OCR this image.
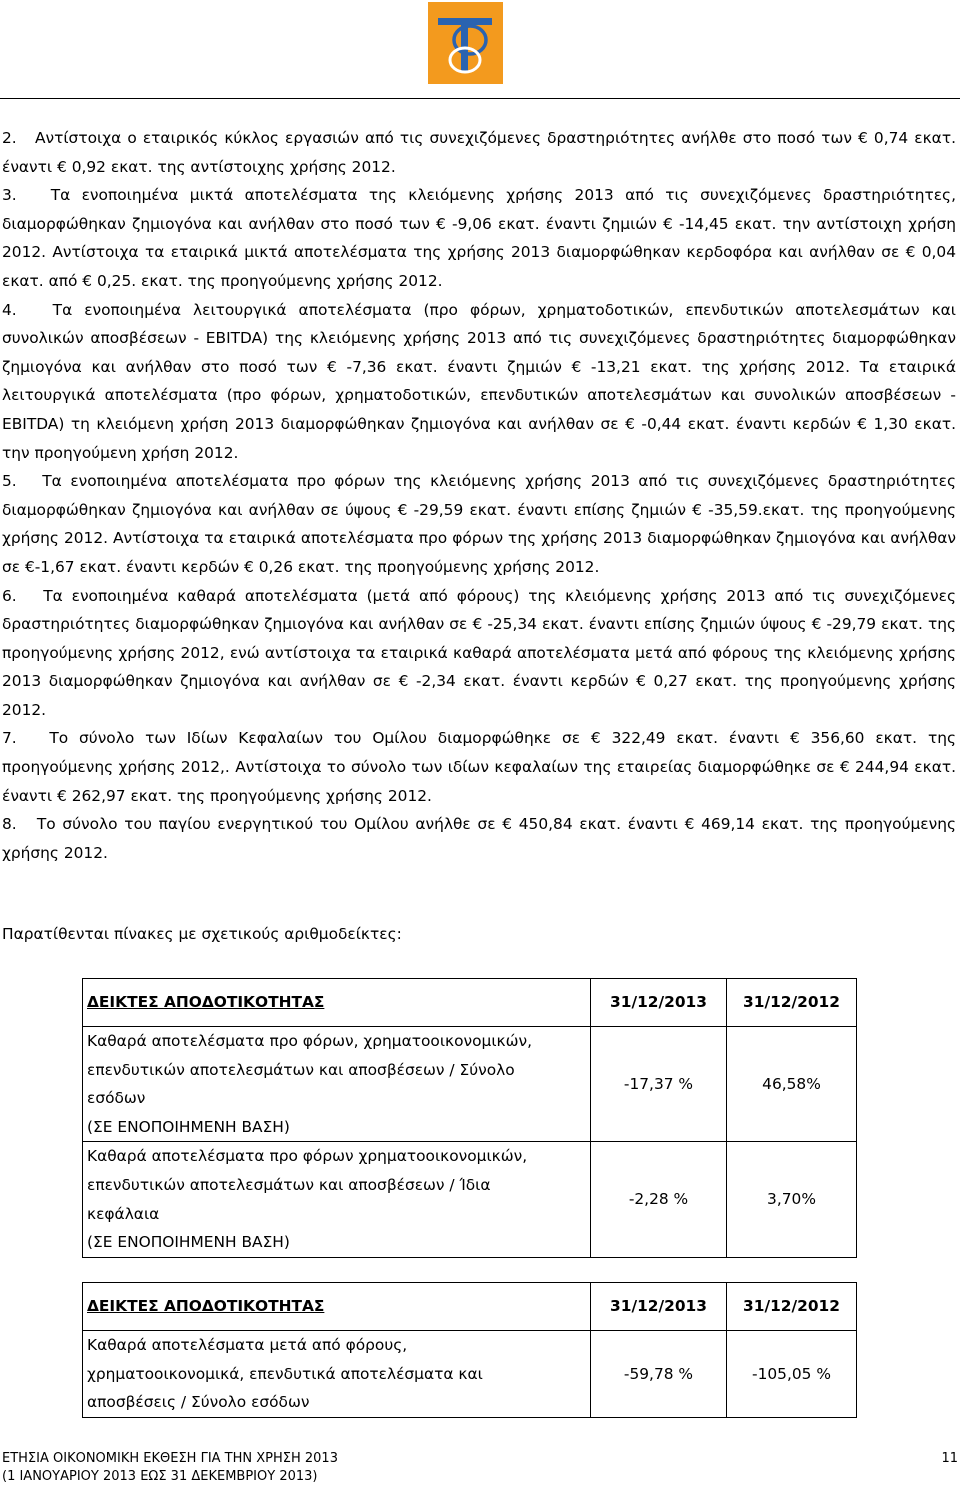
2.   Αντίστοιχα ο εταιρικός κύκλος εργασιών από τις συνεχιζόμενες δραστηριότητες ανήλθε στο ποσό των € 0,74 εκατ. έναντι € 0,92 εκατ. της αντίστοιχης χρήσης 2012.

3.   Τα ενοποιημένα μικτά αποτελέσματα της κλειόμενης χρήσης 2013 από τις συνεχιζόμενες δραστηριότητες, διαμορφώθηκαν ζημιογόνα και ανήλθαν στο ποσό των € -9,06 εκατ. έναντι ζημιών € -14,45 εκατ. την αντίστοιχη χρήση 2012. Αντίστοιχα τα εταιρικά μικτά αποτελέσματα της χρήσης 2013 διαμορφώθηκαν κερδοφόρα και ανήλθαν σε € 0,04 εκατ. από € 0,25. εκατ. της προηγούμενης χρήσης 2012.

4.   Τα ενοποιημένα λειτουργικά αποτελέσματα (προ φόρων, χρηματοδοτικών, επενδυτικών αποτελεσμάτων και συνολικών αποσβέσεων - EBITDA) της κλειόμενης χρήσης 2013 από τις συνεχιζόμενες δραστηριότητες διαμορφώθηκαν ζημιογόνα και ανήλθαν στο ποσό των € -7,36 εκατ. έναντι ζημιών € -13,21 εκατ. της χρήσης 2012. Τα εταιρικά λειτουργικά αποτελέσματα (προ φόρων, χρηματοδοτικών, επενδυτικών αποτελεσμάτων και συνολικών αποσβέσεων - EBITDA) τη κλειόμενη χρήση 2013 διαμορφώθηκαν ζημιογόνα και ανήλθαν σε € -0,44 εκατ. έναντι κερδών € 1,30 εκατ. την προηγούμενη χρήση 2012.

5.   Τα ενοποιημένα αποτελέσματα προ φόρων της κλειόμενης χρήσης 2013 από τις συνεχιζόμενες δραστηριότητες διαμορφώθηκαν ζημιογόνα και ανήλθαν σε ύψους € -29,59 εκατ. έναντι επίσης ζημιών € -35,59.εκατ. της προηγούμενης χρήσης 2012. Αντίστοιχα τα εταιρικά αποτελέσματα προ φόρων της χρήσης 2013 διαμορφώθηκαν ζημιογόνα και ανήλθαν σε €-1,67 εκατ. έναντι κερδών € 0,26 εκατ. της προηγούμενης χρήσης 2012.

6.   Τα ενοποιημένα καθαρά αποτελέσματα (μετά από φόρους) της κλειόμενης χρήσης 2013 από τις συνεχιζόμενες δραστηριότητες διαμορφώθηκαν ζημιογόνα και ανήλθαν σε € -25,34 εκατ. έναντι επίσης ζημιών ύψους € -29,79 εκατ. της προηγούμενης χρήσης 2012, ενώ αντίστοιχα τα εταιρικά καθαρά αποτελέσματα μετά από φόρους της κλειόμενης χρήσης 2013 διαμορφώθηκαν ζημιογόνα και ανήλθαν σε € -2,34 εκατ. έναντι κερδών € 0,27 εκατ. της προηγούμενης χρήσης 2012.

7.   Το σύνολο των Ιδίων Κεφαλαίων του Ομίλου διαμορφώθηκε σε € 322,49 εκατ. έναντι € 356,60 εκατ. της προηγούμενης χρήσης 2012,. Αντίστοιχα το σύνολο των ιδίων κεφαλαίων της εταιρείας διαμορφώθηκε σε € 244,94 εκατ. έναντι € 262,97 εκατ. της προηγούμενης χρήσης 2012.

8.   Το σύνολο του παγίου ενεργητικού του Ομίλου ανήλθε σε € 450,84 εκατ. έναντι € 469,14 εκατ. της προηγούμενης χρήσης 2012.

Παρατίθενται πίνακες με σχετικούς αριθμοδείκτες:
ΔΕΙΚΤΕΣ ΑΠΟΔΟΤΙΚΟΤΗΤΑΣ	31/12/2013	31/12/2012

Καθαρά αποτελέσματα προ φόρων, χρηματοοικονομικών,
επενδυτικών αποτελεσμάτων και αποσβέσεων / Σύνολο
εσόδων
(ΣΕ ΕΝΟΠΟΙΗΜΕΝΗ ΒΑΣΗ)	-17,37 %	46,58%

Καθαρά αποτελέσματα προ φόρων χρηματοοικονομικών,
επενδυτικών αποτελεσμάτων και αποσβέσεων / Ίδια
κεφάλαια
(ΣΕ ΕΝΟΠΟΙΗΜΕΝΗ ΒΑΣΗ)	-2,28 %	3,70%
ΔΕΙΚΤΕΣ ΑΠΟΔΟΤΙΚΟΤΗΤΑΣ	31/12/2013	31/12/2012

Καθαρά αποτελέσματα μετά από φόρους,
χρηματοοικονομικά, επενδυτικά αποτελέσματα και
αποσβέσεις / Σύνολο εσόδων	-59,78 %	-105,05 %
ΕΤΗΣΙΑ ΟΙΚΟΝΟΜΙΚΗ ΕΚΘΕΣΗ ΓΙΑ ΤΗΝ ΧΡΗΣΗ 2013
(1 ΙΑΝΟΥΑΡΙΟΥ 2013 ΕΩΣ 31 ΔΕΚΕΜΒΡΙΟΥ 2013)
11
